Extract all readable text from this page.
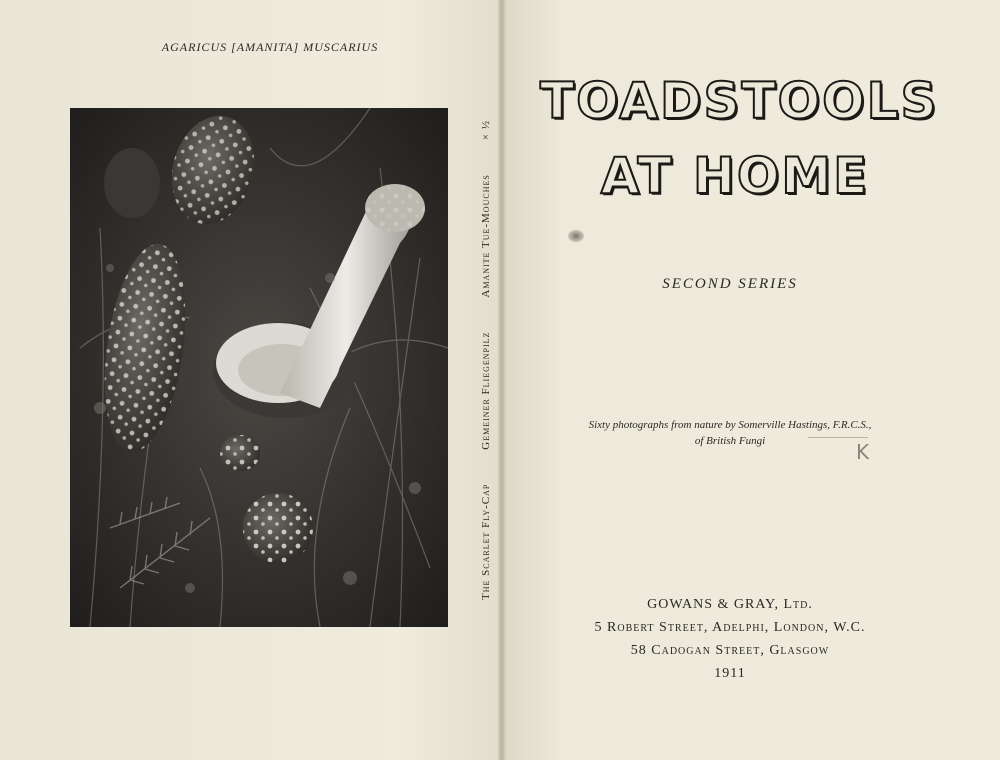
AGARICUS [AMANITA] MUSCARIUS
The Scarlet Fly-Cap
Gemeiner Fliegenpilz
Amanite Tue-Mouches
× ½
TOADSTOOLS
AT HOME
SECOND SERIES
Sixty photographs from nature by Somerville Hastings, F.R.C.S.,
of British Fungi	K
GOWANS & GRAY, Ltd.
5 Robert Street, Adelphi, London, W.C.
58 Cadogan Street, Glasgow
1911
